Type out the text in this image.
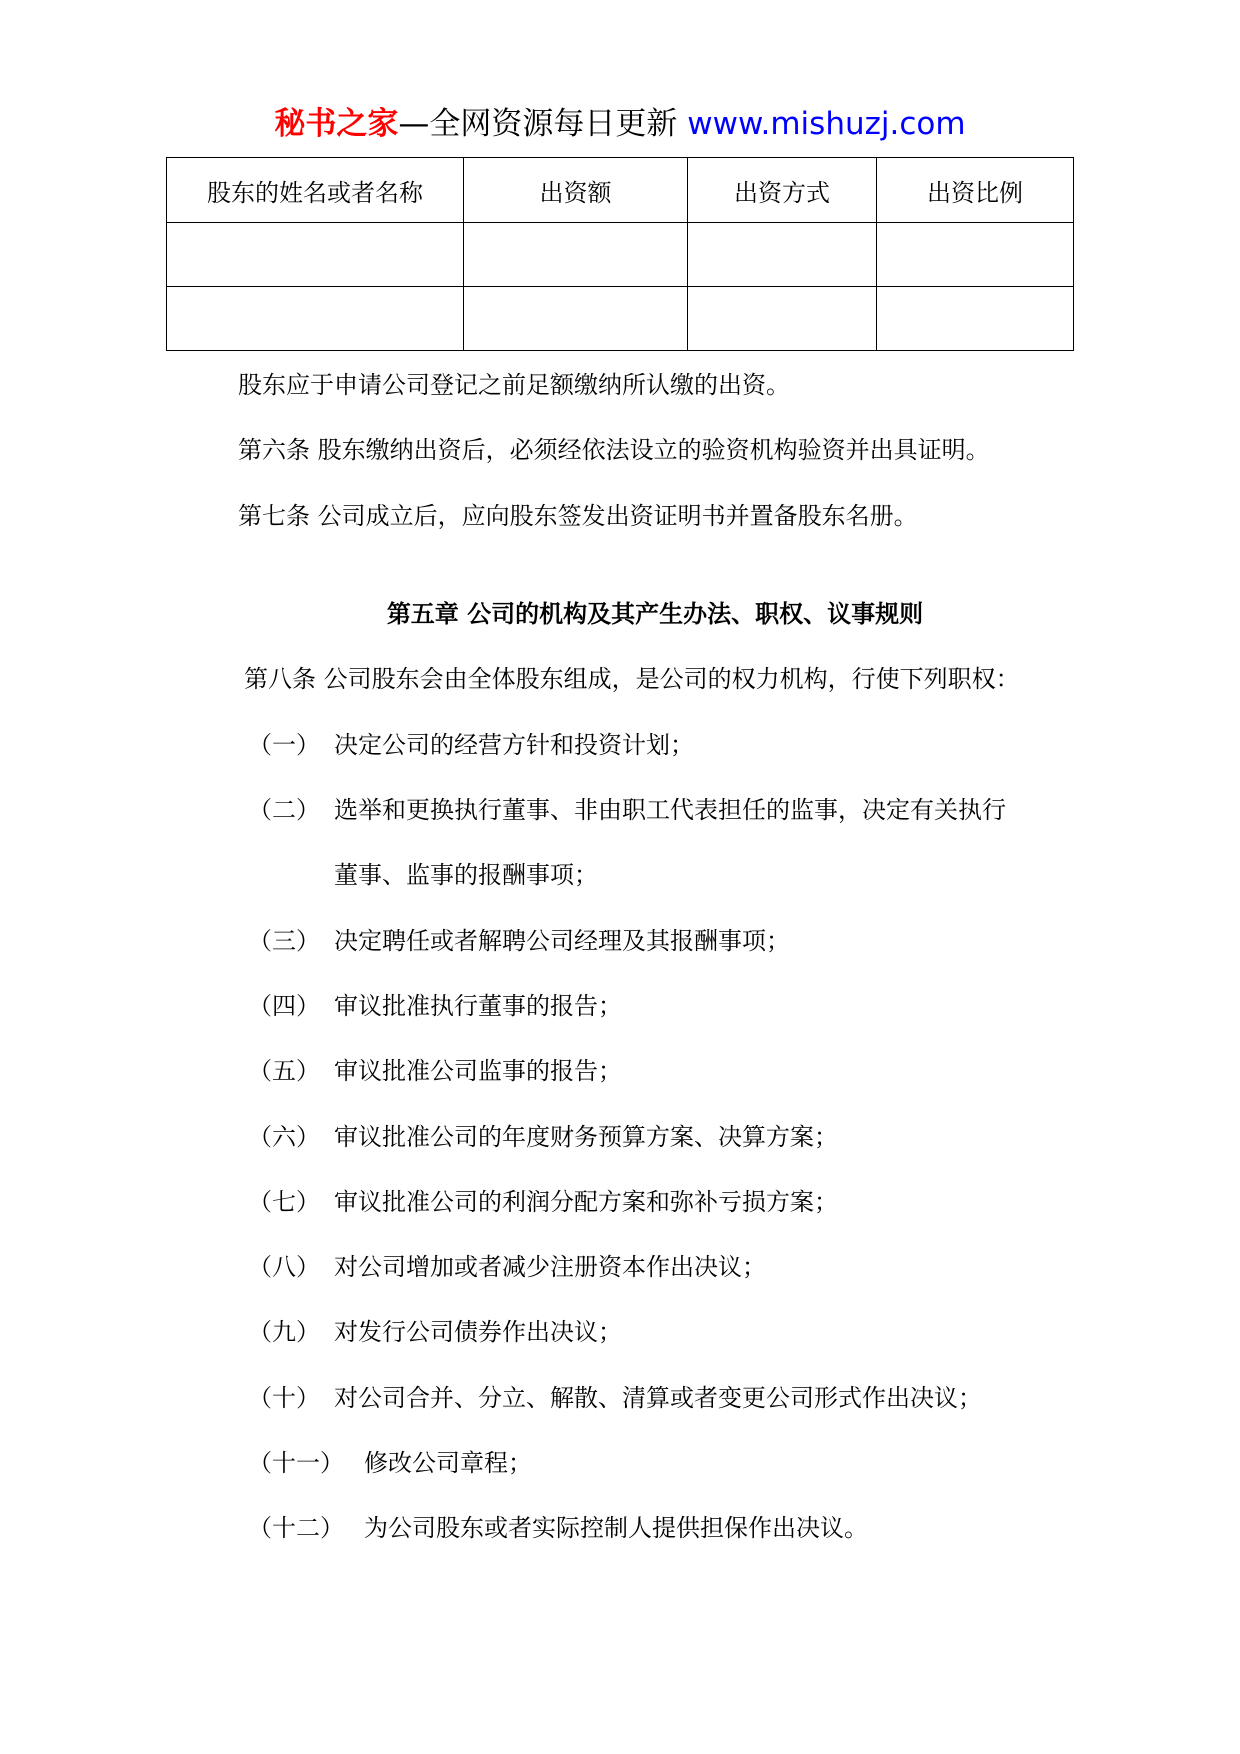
秘书之家—全网资源每日更新 www.mishuzj.com
股东的姓名或者名称	出资额	出资方式	出资比例

股东应于申请公司登记之前足额缴纳所认缴的出资。
第六条 股东缴纳出资后，必须经依法设立的验资机构验资并出具证明。
第七条 公司成立后，应向股东签发出资证明书并置备股东名册。
第五章 公司的机构及其产生办法、职权、议事规则
第八条 公司股东会由全体股东组成，是公司的权力机构，行使下列职权：
（一） 决定公司的经营方针和投资计划；
（二） 选举和更换执行董事、非由职工代表担任的监事，决定有关执行
董事、监事的报酬事项；
（三） 决定聘任或者解聘公司经理及其报酬事项；
（四） 审议批准执行董事的报告；
（五） 审议批准公司监事的报告；
（六） 审议批准公司的年度财务预算方案、决算方案；
（七） 审议批准公司的利润分配方案和弥补亏损方案；
（八） 对公司增加或者减少注册资本作出决议；
（九） 对发行公司债券作出决议；
（十） 对公司合并、分立、解散、清算或者变更公司形式作出决议；
（十一） 修改公司章程；
（十二） 为公司股东或者实际控制人提供担保作出决议。
